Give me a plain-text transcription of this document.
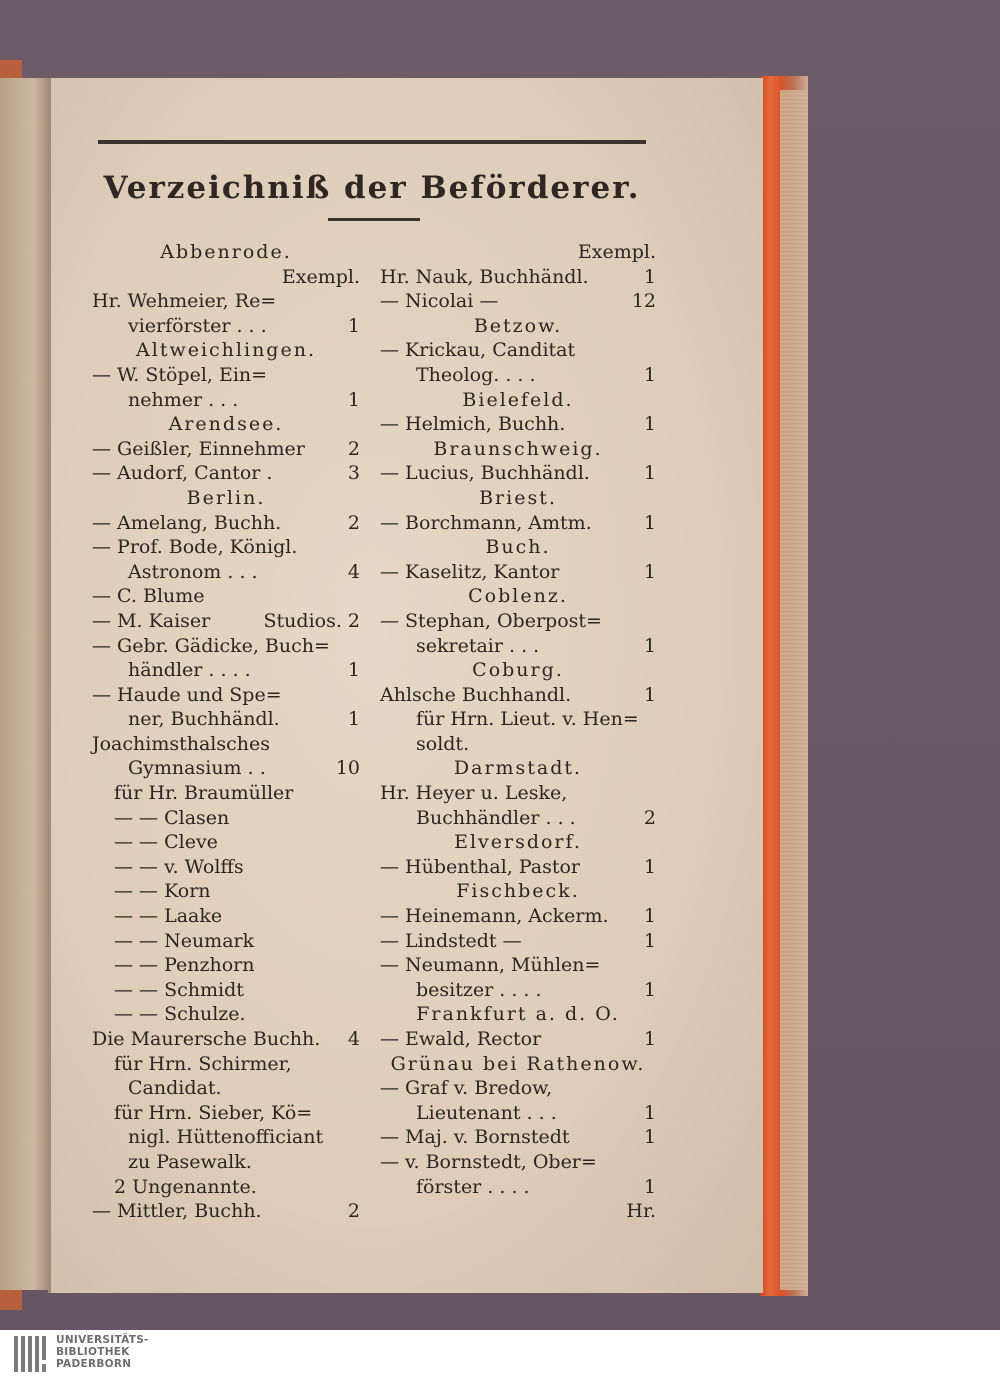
Verzeichniß der Beförderer.
Abbenrode.
Exempl.
Hr. Wehmeier, Re=
vierförster . . .	1
Altweichlingen.
— W. Stöpel, Ein=
nehmer . . .	1
Arendsee.
— Geißler, Einnehmer 2
— Audorf, Cantor .	3
Berlin.
— Amelang, Buchh.	2
— Prof. Bode, Königl.
Astronom . . .	4
— C. Blume
— M. Kaiser	Studios. 2
— Gebr. Gädicke, Buch=
händler . . . .	1
— Haude und Spe=
ner, Buchhändl.	1
Joachimsthalsches
Gymnasium . .	10
für Hr. Braumüller
— — Clasen
— — Cleve
— — v. Wolffs
— — Korn
— — Laake
— — Neumark
— — Penzhorn
— — Schmidt
— — Schulze.
Die Maurersche Buchh. 4
für Hrn. Schirmer,
Candidat.
für Hrn. Sieber, Kö=
nigl. Hüttenofficiant
zu Pasewalk.
2 Ungenannte.
— Mittler, Buchh.	2
Exempl.
Hr. Nauk, Buchhändl.	1
— Nicolai —	12
Betzow.
— Krickau, Canditat
Theolog. . . .	1
Bielefeld.
— Helmich, Buchh.	1
Braunschweig.
— Lucius, Buchhändl.	1
Briest.
— Borchmann, Amtm.	1
Buch.
— Kaselitz, Kantor	1
Coblenz.
— Stephan, Oberpost=
sekretair . . .	1
Coburg.
Ahlsche Buchhandl.	1
für Hrn. Lieut. v. Hen=
soldt.
Darmstadt.
Hr. Heyer u. Leske,
Buchhändler . . .	2
Elversdorf.
— Hübenthal, Pastor	1
Fischbeck.
— Heinemann, Ackerm. 1
— Lindstedt —	1
— Neumann, Mühlen=
besitzer . . . .	1
Frankfurt a. d. O.
— Ewald, Rector	1
Grünau bei Rathenow.
— Graf v. Bredow,
Lieutenant . . .	1
— Maj. v. Bornstedt	1
— v. Bornstedt, Ober=
förster . . . .	1
Hr.
UNIVERSITÄTS-
BIBLIOTHEK
PADERBORN
